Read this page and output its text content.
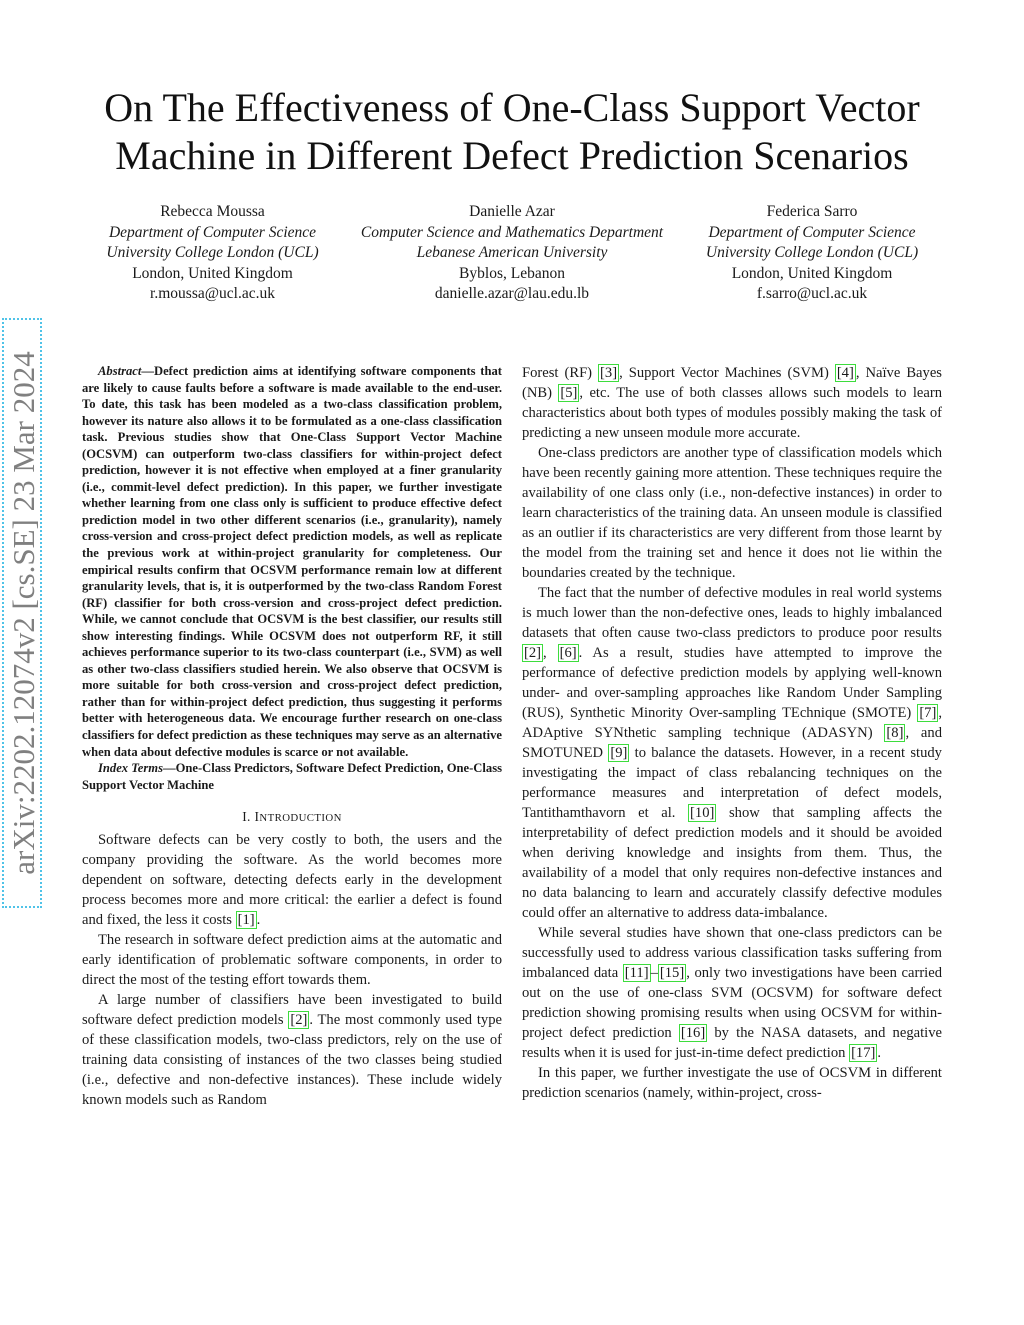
On The Effectiveness of One-Class Support Vector Machine in Different Defect Prediction Scenarios
Rebecca Moussa
Department of Computer Science
University College London (UCL)
London, United Kingdom
r.moussa@ucl.ac.uk
Danielle Azar
Computer Science and Mathematics Department
Lebanese American University
Byblos, Lebanon
danielle.azar@lau.edu.lb
Federica Sarro
Department of Computer Science
University College London (UCL)
London, United Kingdom
f.sarro@ucl.ac.uk
arXiv:2202.12074v2 [cs.SE] 23 Mar 2024	Abstract—Defect prediction aims at identifying software components that are likely to cause faults before a software is made available to the end-user. To date, this task has been modeled as a two-class classification problem, however its nature also allows it to be formulated as a one-class classification task. Previous studies show that One-Class Support Vector Machine (OCSVM) can outperform two-class classifiers for within-project defect prediction, however it is not effective when employed at a finer granularity (i.e., commit-level defect prediction). In this paper, we further investigate whether learning from one class only is sufficient to produce effective defect prediction model in two other different scenarios (i.e., granularity), namely cross-version and cross-project defect prediction models, as well as replicate the previous work at within-project granularity for completeness. Our empirical results confirm that OCSVM performance remain low at different granularity levels, that is, it is outperformed by the two-class Random Forest (RF) classifier for both cross-version and cross-project defect prediction. While, we cannot conclude that OCSVM is the best classifier, our results still show interesting findings. While OCSVM does not outperform RF, it still achieves performance superior to its two-class counterpart (i.e., SVM) as well as other two-class classifiers studied herein. We also observe that OCSVM is more suitable for both cross-version and cross-project defect prediction, rather than for within-project defect prediction, thus suggesting it performs better with heterogeneous data. We encourage further research on one-class classifiers for defect prediction as these techniques may serve as an alternative when data about defective modules is scarce or not available.

Index Terms—One-Class Predictors, Software Defect Prediction, One-Class Support Vector Machine

I. INTRODUCTION

Software defects can be very costly to both, the users and the company providing the software. As the world becomes more dependent on software, detecting defects early in the development process becomes more and more critical: the earlier a defect is found and fixed, the less it costs [1] .

The research in software defect prediction aims at the automatic and early identification of problematic software components, in order to direct the most of the testing effort towards them.

A large number of classifiers have been investigated to build software defect prediction models [2] . The most commonly used type of these classification models, two-class predictors, rely on the use of training data consisting of instances of the two classes being studied (i.e., defective and non-defective instances). These include widely known models such as Random

Forest (RF) [3] , Support Vector Machines (SVM) [4] , Naïve Bayes (NB) [5] , etc. The use of both classes allows such models to learn characteristics about both types of modules possibly making the task of predicting a new unseen module more accurate.

One-class predictors are another type of classification models which have been recently gaining more attention. These techniques require the availability of one class only (i.e., non-defective instances) in order to learn characteristics of the training data. An unseen module is classified as an outlier if its characteristics are very different from those learnt by the model from the training set and hence it does not lie within the boundaries created by the technique.

The fact that the number of defective modules in real world systems is much lower than the non-defective ones, leads to highly imbalanced datasets that often cause two-class predictors to produce poor results [2] , [6] . As a result, studies have attempted to improve the performance of defective prediction models by applying well-known under- and over-sampling approaches like Random Under Sampling (RUS), Synthetic Minority Over-sampling TEchnique (SMOTE) [7] , ADAptive SYNthetic sampling technique (ADASYN) [8] , and SMOTUNED [9] to balance the datasets. However, in a recent study investigating the impact of class rebalancing techniques on the performance measures and interpretation of defect models, Tantithamthavorn et al. [10] show that sampling affects the interpretability of defect prediction models and it should be avoided when deriving knowledge and insights from them. Thus, the availability of a model that only requires non-defective instances and no data balancing to learn and accurately classify defective modules could offer an alternative to address data-imbalance.

While several studies have shown that one-class predictors can be successfully used to address various classification tasks suffering from imbalanced data [11] – [15] , only two investigations have been carried out on the use of one-class SVM (OCSVM) for software defect prediction showing promising results when using OCSVM for within-project defect prediction [16] by the NASA datasets, and negative results when it is used for just-in-time defect prediction [17] .

In this paper, we further investigate the use of OCSVM in different prediction scenarios (namely, within-project, cross-
